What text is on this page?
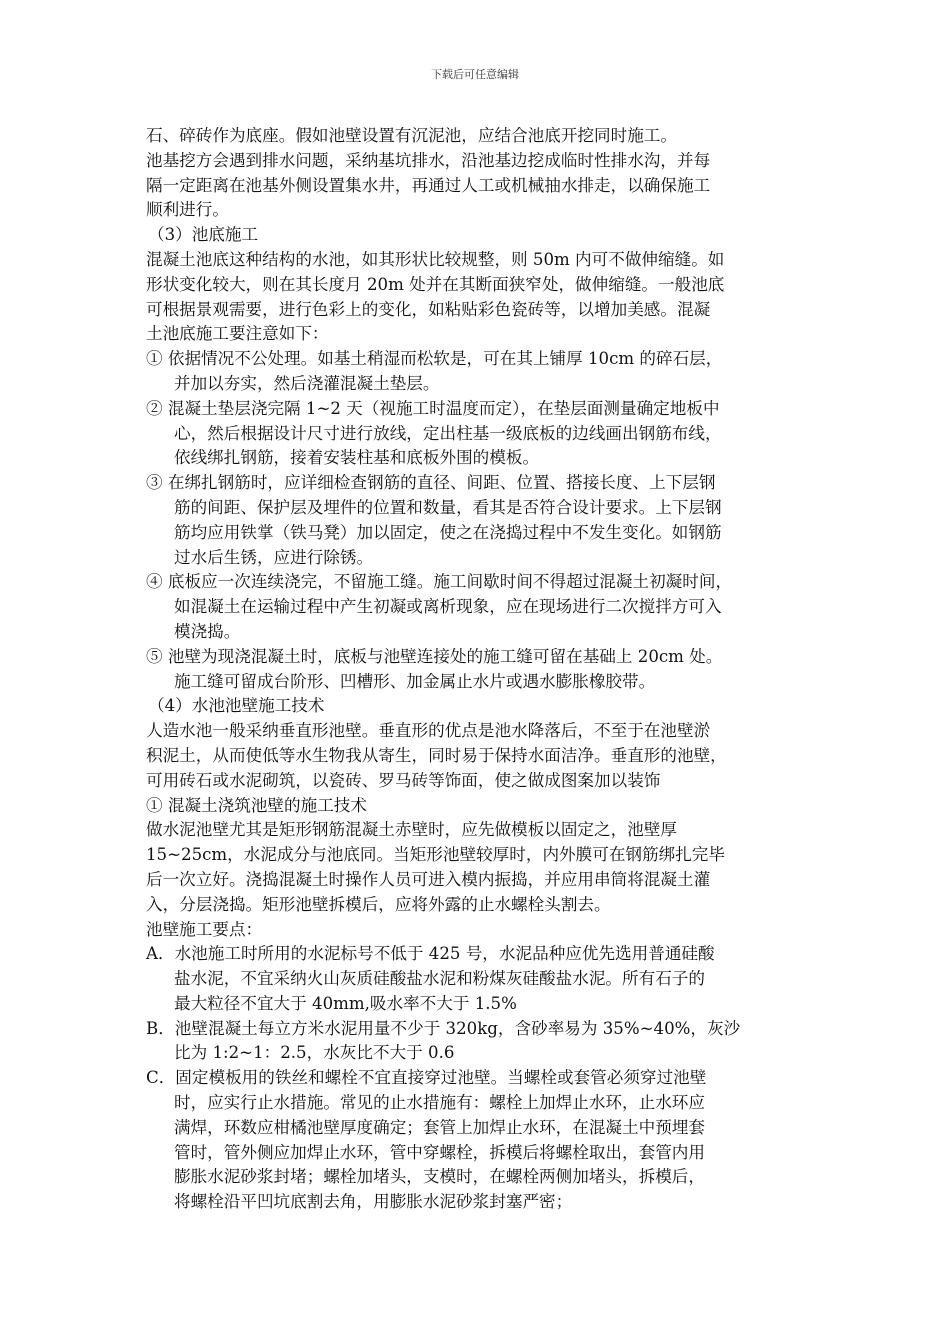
下载后可任意编辑
石、碎砖作为底座。假如池壁设置有沉泥池，应结合池底开挖同时施工。
池基挖方会遇到排水问题，采纳基坑排水，沿池基边挖成临时性排水沟，并每
隔一定距离在池基外侧设置集水井，再通过人工或机械抽水排走，以确保施工
顺利进行。
（3）池底施工
混凝土池底这种结构的水池，如其形状比较规整，则 50m 内可不做伸缩缝。如
形状变化较大，则在其长度月 20m 处并在其断面狭窄处，做伸缩缝。一般池底
可根据景观需要，进行色彩上的变化，如粘贴彩色瓷砖等，以增加美感。混凝
土池底施工要注意如下：
① 依据情况不公处理。如基土稍湿而松软是，可在其上铺厚 10cm 的碎石层，
并加以夯实，然后浇灌混凝土垫层。
② 混凝土垫层浇完隔 1~2 天（视施工时温度而定），在垫层面测量确定地板中
心，然后根据设计尺寸进行放线，定出柱基一级底板的边线画出钢筋布线，
依线绑扎钢筋，接着安装柱基和底板外围的模板。
③ 在绑扎钢筋时，应详细检查钢筋的直径、间距、位置、搭接长度、上下层钢
筋的间距、保护层及埋件的位置和数量，看其是否符合设计要求。上下层钢
筋均应用铁掌（铁马凳）加以固定，使之在浇捣过程中不发生变化。如钢筋
过水后生锈，应进行除锈。
④ 底板应一次连续浇完，不留施工缝。施工间歇时间不得超过混凝土初凝时间，
如混凝土在运输过程中产生初凝或离析现象，应在现场进行二次搅拌方可入
模浇捣。
⑤ 池壁为现浇混凝土时，底板与池壁连接处的施工缝可留在基础上 20cm 处。
施工缝可留成台阶形、凹槽形、加金属止水片或遇水膨胀橡胶带。
（4）水池池壁施工技术
人造水池一般采纳垂直形池壁。垂直形的优点是池水降落后，不至于在池壁淤
积泥土，从而使低等水生物我从寄生，同时易于保持水面洁净。垂直形的池壁，
可用砖石或水泥砌筑，以瓷砖、罗马砖等饰面，使之做成图案加以装饰
① 混凝土浇筑池壁的施工技术
做水泥池壁尤其是矩形钢筋混凝土赤壁时，应先做模板以固定之，池壁厚
15~25cm，水泥成分与池底同。当矩形池壁较厚时，内外膜可在钢筋绑扎完毕
后一次立好。浇捣混凝土时操作人员可进入模内振捣，并应用串筒将混凝土灌
入，分层浇捣。矩形池壁拆模后，应将外露的止水螺栓头割去。
池壁施工要点：
A．水池施工时所用的水泥标号不低于 425 号，水泥品种应优先选用普通硅酸
盐水泥，不宜采纳火山灰质硅酸盐水泥和粉煤灰硅酸盐水泥。所有石子的
最大粒径不宜大于 40mm,吸水率不大于 1.5%
B．池壁混凝土每立方米水泥用量不少于 320kg，含砂率易为 35%~40%，灰沙
比为 1:2~1：2.5，水灰比不大于 0.6
C．固定模板用的铁丝和螺栓不宜直接穿过池壁。当螺栓或套管必须穿过池壁
时，应实行止水措施。常见的止水措施有：螺栓上加焊止水环，止水环应
满焊，环数应柑橘池壁厚度确定；套管上加焊止水环，在混凝土中预埋套
管时，管外侧应加焊止水环，管中穿螺栓，拆模后将螺栓取出，套管内用
膨胀水泥砂浆封堵；螺栓加堵头，支模时，在螺栓两侧加堵头，拆模后，
将螺栓沿平凹坑底割去角，用膨胀水泥砂浆封塞严密；
